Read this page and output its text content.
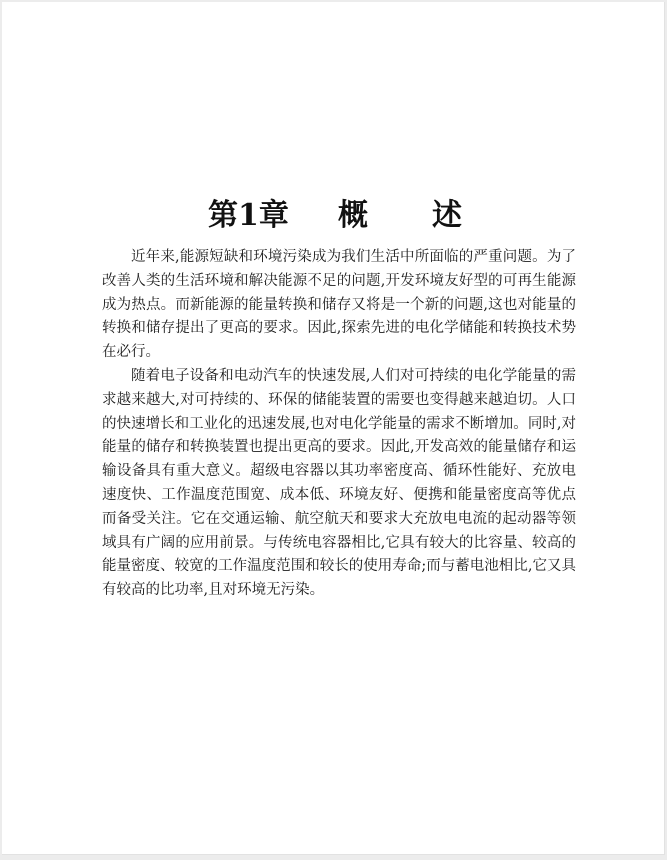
第1章 概 述

近年来,能源短缺和环境污染成为我们生活中所面临的严重问题。为了改善人类的生活环境和解决能源不足的问题,开发环境友好型的可再生能源成为热点。而新能源的能量转换和储存又将是一个新的问题,这也对能量的转换和储存提出了更高的要求。因此,探索先进的电化学储能和转换技术势在必行。

随着电子设备和电动汽车的快速发展,人们对可持续的电化学能量的需求越来越大,对可持续的、环保的储能装置的需要也变得越来越迫切。人口的快速增长和工业化的迅速发展,也对电化学能量的需求不断增加。同时,对能量的储存和转换装置也提出更高的要求。因此,开发高效的能量储存和运输设备具有重大意义。超级电容器以其功率密度高、循环性能好、充放电速度快、工作温度范围宽、成本低、环境友好、便携和能量密度高等优点而备受关注。它在交通运输、航空航天和要求大充放电电流的起动器等领域具有广阔的应用前景。与传统电容器相比,它具有较大的比容量、较高的能量密度、较宽的工作温度范围和较长的使用寿命;而与蓄电池相比,它又具有较高的比功率,且对环境无污染。
